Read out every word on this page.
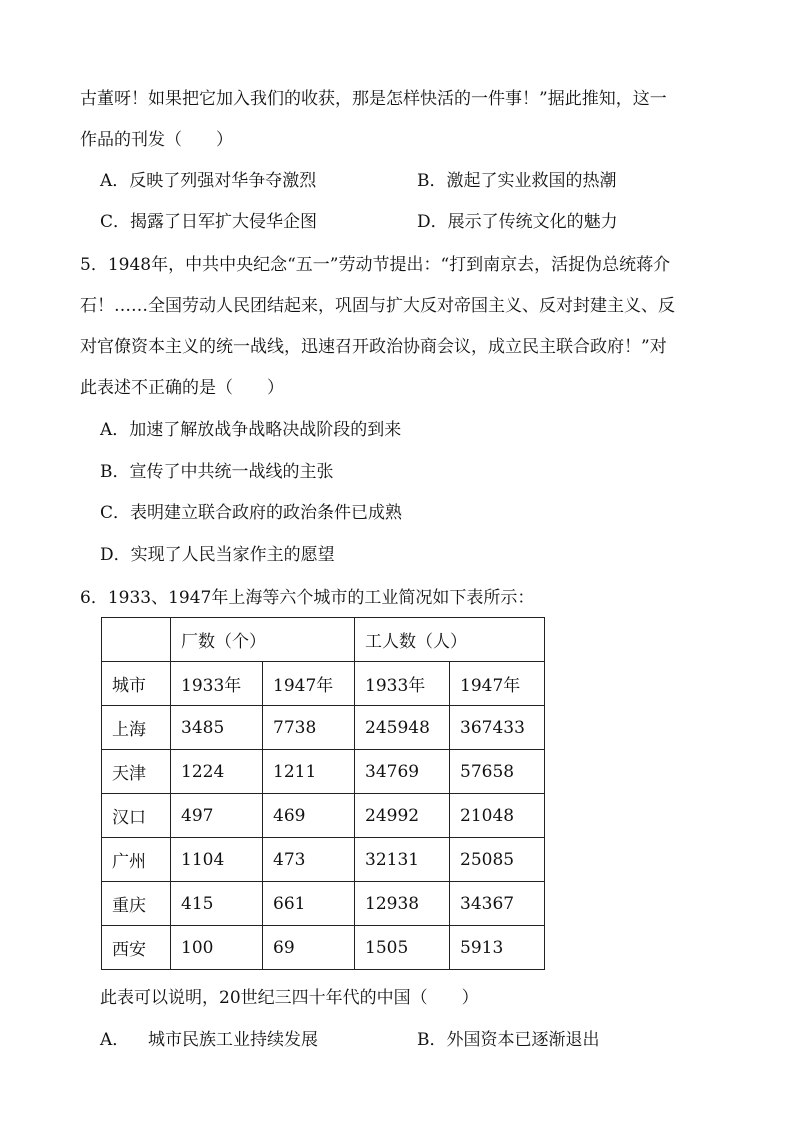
古董呀！如果把它加入我们的收获，那是怎样快活的一件事！”据此推知，这一
作品的刊发（　　）
A．反映了列强对华争夺激烈	B．激起了实业救国的热潮
C．揭露了日军扩大侵华企图	D．展示了传统文化的魅力
5．1948年，中共中央纪念“五一”劳动节提出：“打到南京去，活捉伪总统蒋介
石！……全国劳动人民团结起来，巩固与扩大反对帝国主义、反对封建主义、反
对官僚资本主义的统一战线，迅速召开政治协商会议，成立民主联合政府！”对
此表述不正确的是（　　）
A．加速了解放战争战略决战阶段的到来
B．宣传了中共统一战线的主张
C．表明建立联合政府的政治条件已成熟
D．实现了人民当家作主的愿望
6．1933、1947年上海等六个城市的工业简况如下表所示：
	厂数（个）		工人数（人）	
城市	1933年	1947年	1933年	1947年
上海	3485	7738	245948	367433
天津	1224	1211	34769	57658
汉口	497	469	24992	21048
广州	1104	473	32131	25085
重庆	415	661	12938	34367
西安	100	69	1505	5913
此表可以说明，20世纪三四十年代的中国（　　）
A． 城市民族工业持续发展	B．外国资本已逐渐退出
